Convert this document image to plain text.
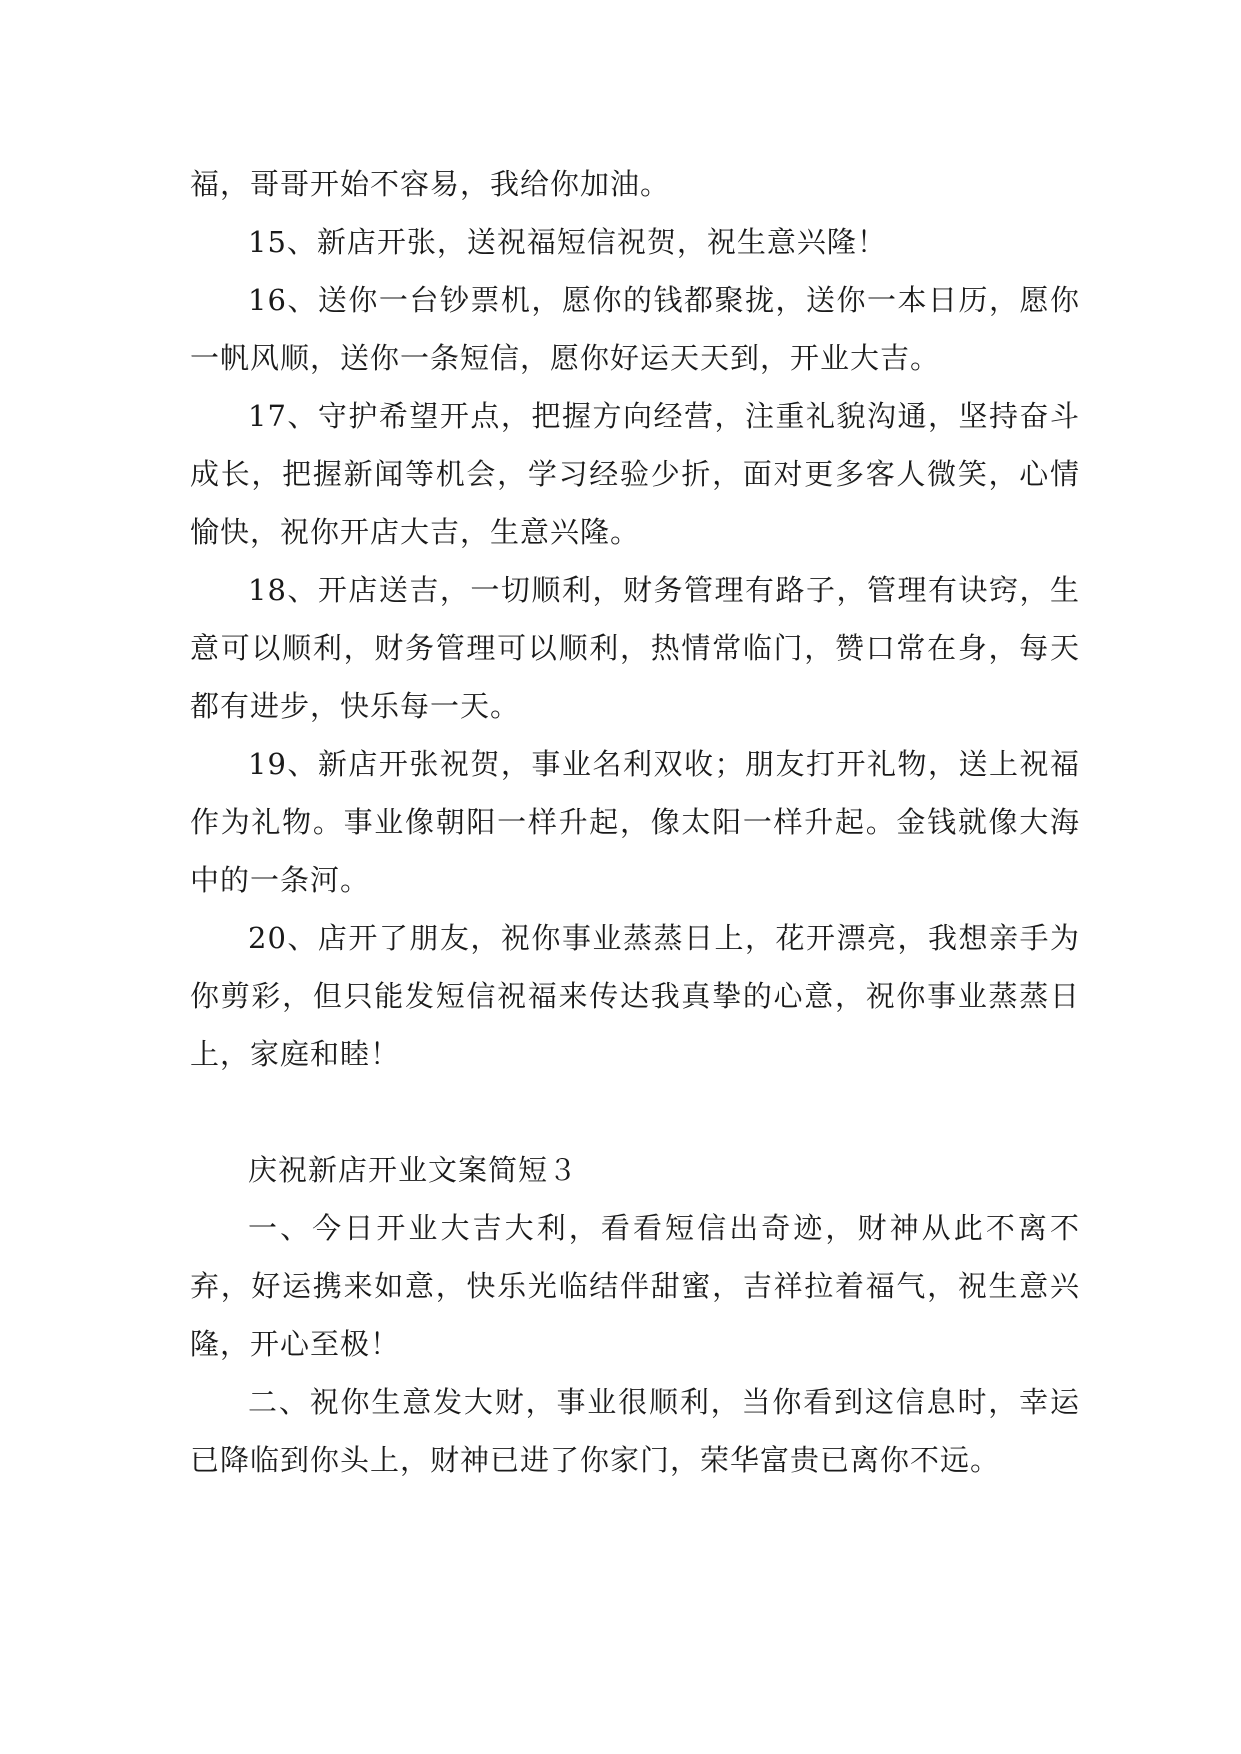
福，哥哥开始不容易，我给你加油。

15、新店开张，送祝福短信祝贺，祝生意兴隆！

16、送你一台钞票机，愿你的钱都聚拢，送你一本日历，愿你一帆风顺，送你一条短信，愿你好运天天到，开业大吉。

17、守护希望开点，把握方向经营，注重礼貌沟通，坚持奋斗成长，把握新闻等机会，学习经验少折，面对更多客人微笑，心情愉快，祝你开店大吉，生意兴隆。

18、开店送吉，一切顺利，财务管理有路子，管理有诀窍，生意可以顺利，财务管理可以顺利，热情常临门，赞口常在身，每天都有进步，快乐每一天。

19、新店开张祝贺，事业名利双收；朋友打开礼物，送上祝福作为礼物。事业像朝阳一样升起，像太阳一样升起。金钱就像大海中的一条河。

20、店开了朋友，祝你事业蒸蒸日上，花开漂亮，我想亲手为你剪彩，但只能发短信祝福来传达我真挚的心意，祝你事业蒸蒸日上，家庭和睦！

庆祝新店开业文案简短３

一、今日开业大吉大利，看看短信出奇迹，财神从此不离不弃，好运携来如意，快乐光临结伴甜蜜，吉祥拉着福气，祝生意兴隆，开心至极！

二、祝你生意发大财，事业很顺利，当你看到这信息时，幸运已降临到你头上，财神已进了你家门，荣华富贵已离你不远。
